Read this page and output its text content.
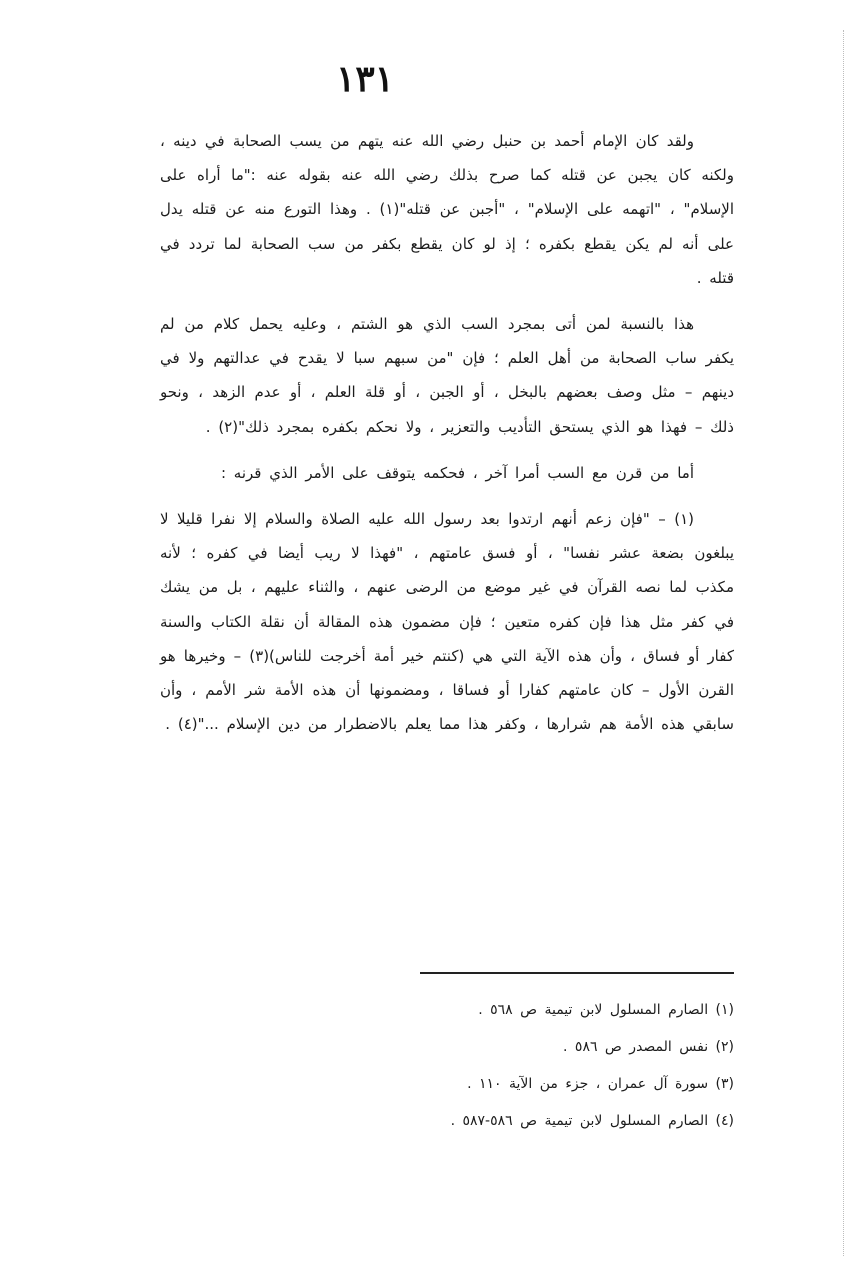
١٣١

ولقد كان الإمام أحمد بن حنبل رضي الله عنه يتهم من يسب الصحابة في دينه ، ولكنه كان يجبن عن قتله كما صرح بذلك رضي الله عنه بقوله عنه :"ما أراه على الإسلام" ، "اتهمه على الإسلام" ، "أجبن عن قتله"(١) . وهذا التورع منه عن قتله يدل على أنه لم يكن يقطع بكفره ؛ إذ لو كان يقطع بكفر من سب الصحابة لما تردد في قتله .

هذا بالنسبة لمن أتى بمجرد السب الذي هو الشتم ، وعليه يحمل كلام من لم يكفر ساب الصحابة من أهل العلم ؛ فإن "من سبهم سبا لا يقدح في عدالتهم ولا في دينهم – مثل وصف بعضهم بالبخل ، أو الجبن ، أو قلة العلم ، أو عدم الزهد ، ونحو ذلك – فهذا هو الذي يستحق التأديب والتعزير ، ولا نحكم بكفره بمجرد ذلك"(٢) .

أما من قرن مع السب أمرا آخر ، فحكمه يتوقف على الأمر الذي قرنه :

(١) – "فإن زعم أنهم ارتدوا بعد رسول الله عليه الصلاة والسلام إلا نفرا قليلا لا يبلغون بضعة عشر نفسا" ، أو فسق عامتهم ، "فهذا لا ريب أيضا في كفره ؛ لأنه مكذب لما نصه القرآن في غير موضع من الرضى عنهم ، والثناء عليهم ، بل من يشك في كفر مثل هذا فإن كفره متعين ؛ فإن مضمون هذه المقالة أن نقلة الكتاب والسنة كفار أو فساق ، وأن هذه الآية التي هي (كنتم خير أمة أخرجت للناس)(٣) – وخيرها هو القرن الأول – كان عامتهم كفارا أو فساقا ، ومضمونها أن هذه الأمة شر الأمم ، وأن سابقي هذه الأمة هم شرارها ، وكفر هذا مما يعلم بالاضطرار من دين الإسلام ..."(٤) .

(١) الصارم المسلول لابن تيمية ص ٥٦٨ .
(٢) نفس المصدر ص ٥٨٦ .
(٣) سورة آل عمران ، جزء من الآية ١١٠ .
(٤) الصارم المسلول لابن تيمية ص ٥٨٦-٥٨٧ .
